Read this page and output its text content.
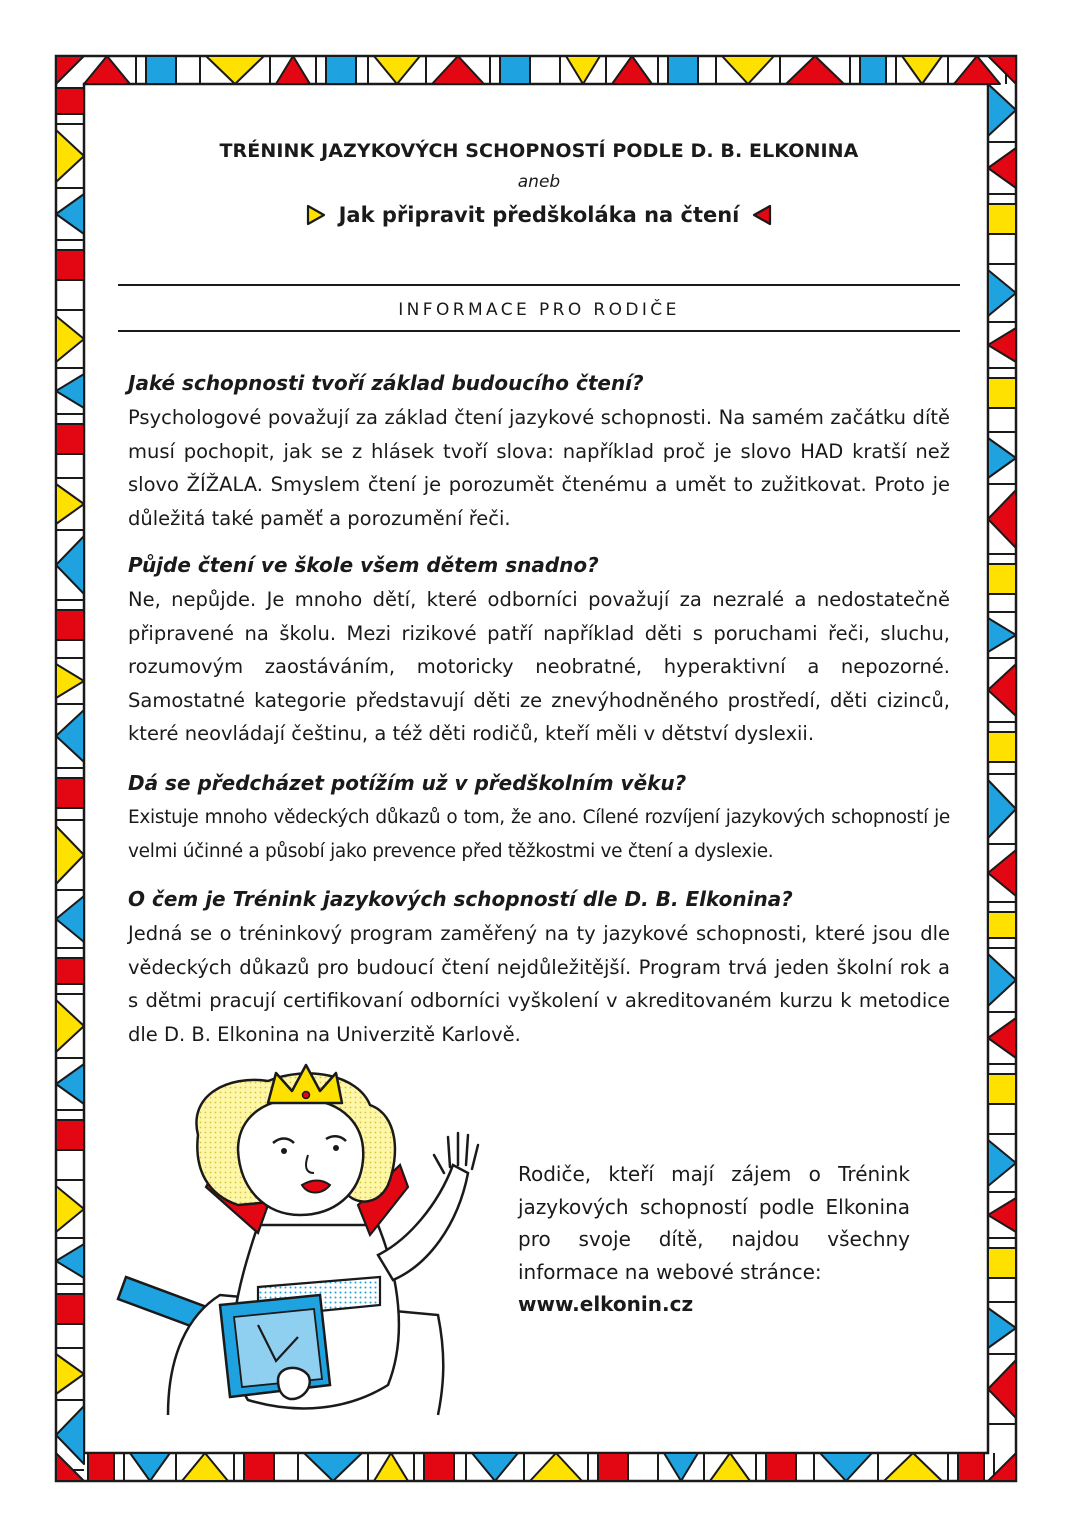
TRÉNINK JAZYKOVÝCH SCHOPNOSTÍ PODLE D. B. ELKONINA
aneb
Jak připravit předškoláka na čtení
INFORMACE PRO RODIČE

Jaké schopnosti tvoří základ budoucího čtení?

Psychologové považují za základ čtení jazykové schopnosti. Na samém začátku dítě musí pochopit, jak se z hlásek tvoří slova: například proč je slovo HAD kratší než slovo ŽÍŽALA. Smyslem čtení je porozumět čtenému a umět to zužitkovat. Proto je důležitá také paměť a porozumění řeči.

Půjde čtení ve škole všem dětem snadno?

Ne, nepůjde. Je mnoho dětí, které odborníci považují za nezralé a nedostatečně připravené na školu. Mezi rizikové patří například děti s poruchami řeči, sluchu, rozumovým zaostáváním, motoricky neobratné, hyperaktivní a nepozorné. Samostatné kategorie představují děti ze znevýhodněného prostředí, děti cizinců, které neovládají češtinu, a též děti rodičů, kteří měli v dětství dyslexii.

Dá se předcházet potížím už v předškolním věku?

Existuje mnoho vědeckých důkazů o tom, že ano. Cílené rozvíjení jazykových schopností je velmi účinné a působí jako prevence před těžkostmi ve čtení a dyslexie.

O čem je Trénink jazykových schopností dle D. B. Elkonina?

Jedná se o tréninkový program zaměřený na ty jazykové schopnosti, které jsou dle vědeckých důkazů pro budoucí čtení nejdůležitější. Program trvá jeden školní rok a s dětmi pracují certifikovaní odborníci vyškolení v akreditovaném kurzu k metodice dle D. B. Elkonina na Univerzitě Karlově.

Rodiče, kteří mají zájem o Trénink jazykových schopností podle Elkonina pro svoje dítě, najdou všechny informace na webové stránce:
www.elkonin.cz
